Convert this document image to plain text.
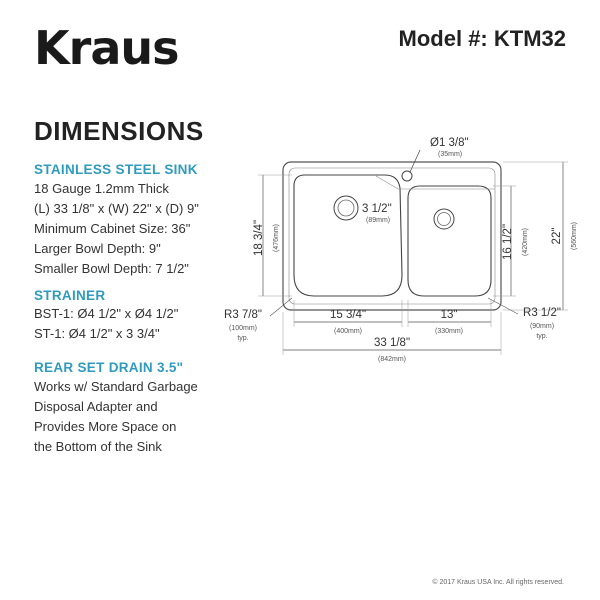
Kraus	Model #: KTM32
DIMENSIONS
STAINLESS STEEL SINK
18 Gauge 1.2mm Thick
(L) 33 1/8" x (W) 22" x (D) 9"
Minimum Cabinet Size: 36"
Larger Bowl Depth: 9"
Smaller Bowl Depth: 7 1/2"
STRAINER
BST-1: Ø4 1/2" x Ø4 1/2"
ST-1: Ø4 1/2" x 3 3/4"
REAR SET DRAIN 3.5"
Works w/ Standard Garbage
Disposal Adapter and
Provides More Space on
the Bottom of the Sink
Ø1 3/8"
(35mm)
3 1/2"
(89mm)
18 3/4" (476mm)	16 1/2" (420mm) 22" (560mm)
15 3/4"
(400mm)
13"
(330mm)
33 1/8"
(842mm)
R3 7/8"
(100mm)
typ.
R3 1/2"
(90mm)
typ.
© 2017 Kraus USA Inc. All rights reserved.
